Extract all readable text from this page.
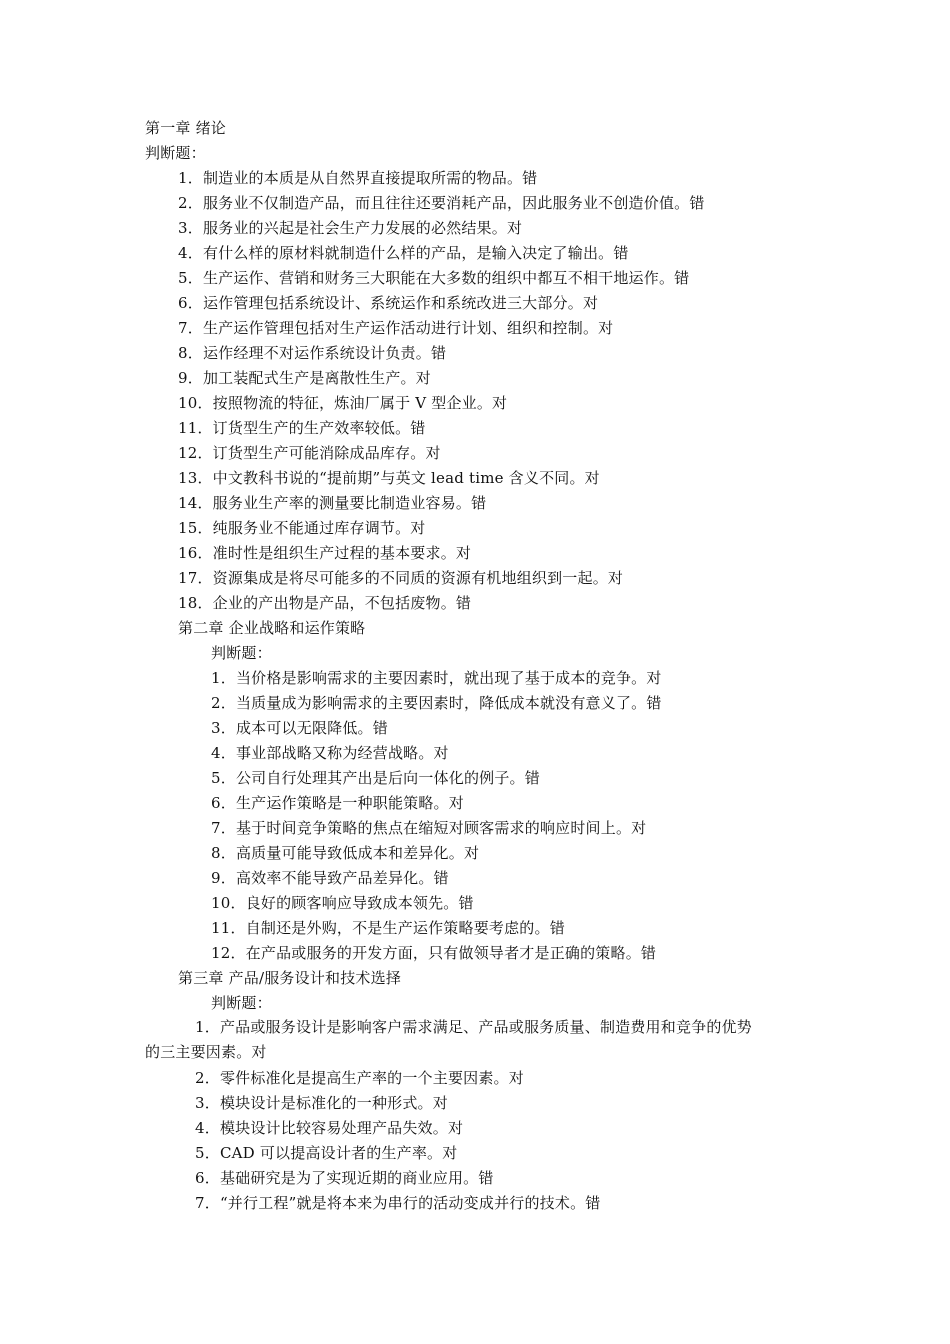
第一章 绪论
判断题：
1．制造业的本质是从自然界直接提取所需的物品。错
2．服务业不仅制造产品，而且往往还要消耗产品，因此服务业不创造价值。错
3．服务业的兴起是社会生产力发展的必然结果。对
4．有什么样的原材料就制造什么样的产品，是输入决定了输出。错
5．生产运作、营销和财务三大职能在大多数的组织中都互不相干地运作。错
6．运作管理包括系统设计、系统运作和系统改进三大部分。对
7．生产运作管理包括对生产运作活动进行计划、组织和控制。对
8．运作经理不对运作系统设计负责。错
9．加工装配式生产是离散性生产。对
10．按照物流的特征，炼油厂属于 V 型企业。对
11．订货型生产的生产效率较低。错
12．订货型生产可能消除成品库存。对
13．中文教科书说的“提前期”与英文 lead time 含义不同。对
14．服务业生产率的测量要比制造业容易。错
15．纯服务业不能通过库存调节。对
16．准时性是组织生产过程的基本要求。对
17．资源集成是将尽可能多的不同质的资源有机地组织到一起。对
18．企业的产出物是产品，不包括废物。错
第二章 企业战略和运作策略
判断题：
1．当价格是影响需求的主要因素时，就出现了基于成本的竞争。对
2．当质量成为影响需求的主要因素时，降低成本就没有意义了。错
3．成本可以无限降低。错
4．事业部战略又称为经营战略。对
5．公司自行处理其产出是后向一体化的例子。错
6．生产运作策略是一种职能策略。对
7．基于时间竞争策略的焦点在缩短对顾客需求的响应时间上。对
8．高质量可能导致低成本和差异化。对
9．高效率不能导致产品差异化。错
10．良好的顾客响应导致成本领先。错
11．自制还是外购，不是生产运作策略要考虑的。错
12．在产品或服务的开发方面，只有做领导者才是正确的策略。错
第三章 产品/服务设计和技术选择
判断题：
1．产品或服务设计是影响客户需求满足、产品或服务质量、制造费用和竞争的优势
的三主要因素。对
2．零件标准化是提高生产率的一个主要因素。对
3．模块设计是标准化的一种形式。对
4．模块设计比较容易处理产品失效。对
5．CAD 可以提高设计者的生产率。对
6．基础研究是为了实现近期的商业应用。错
7．“并行工程”就是将本来为串行的活动变成并行的技术。错
